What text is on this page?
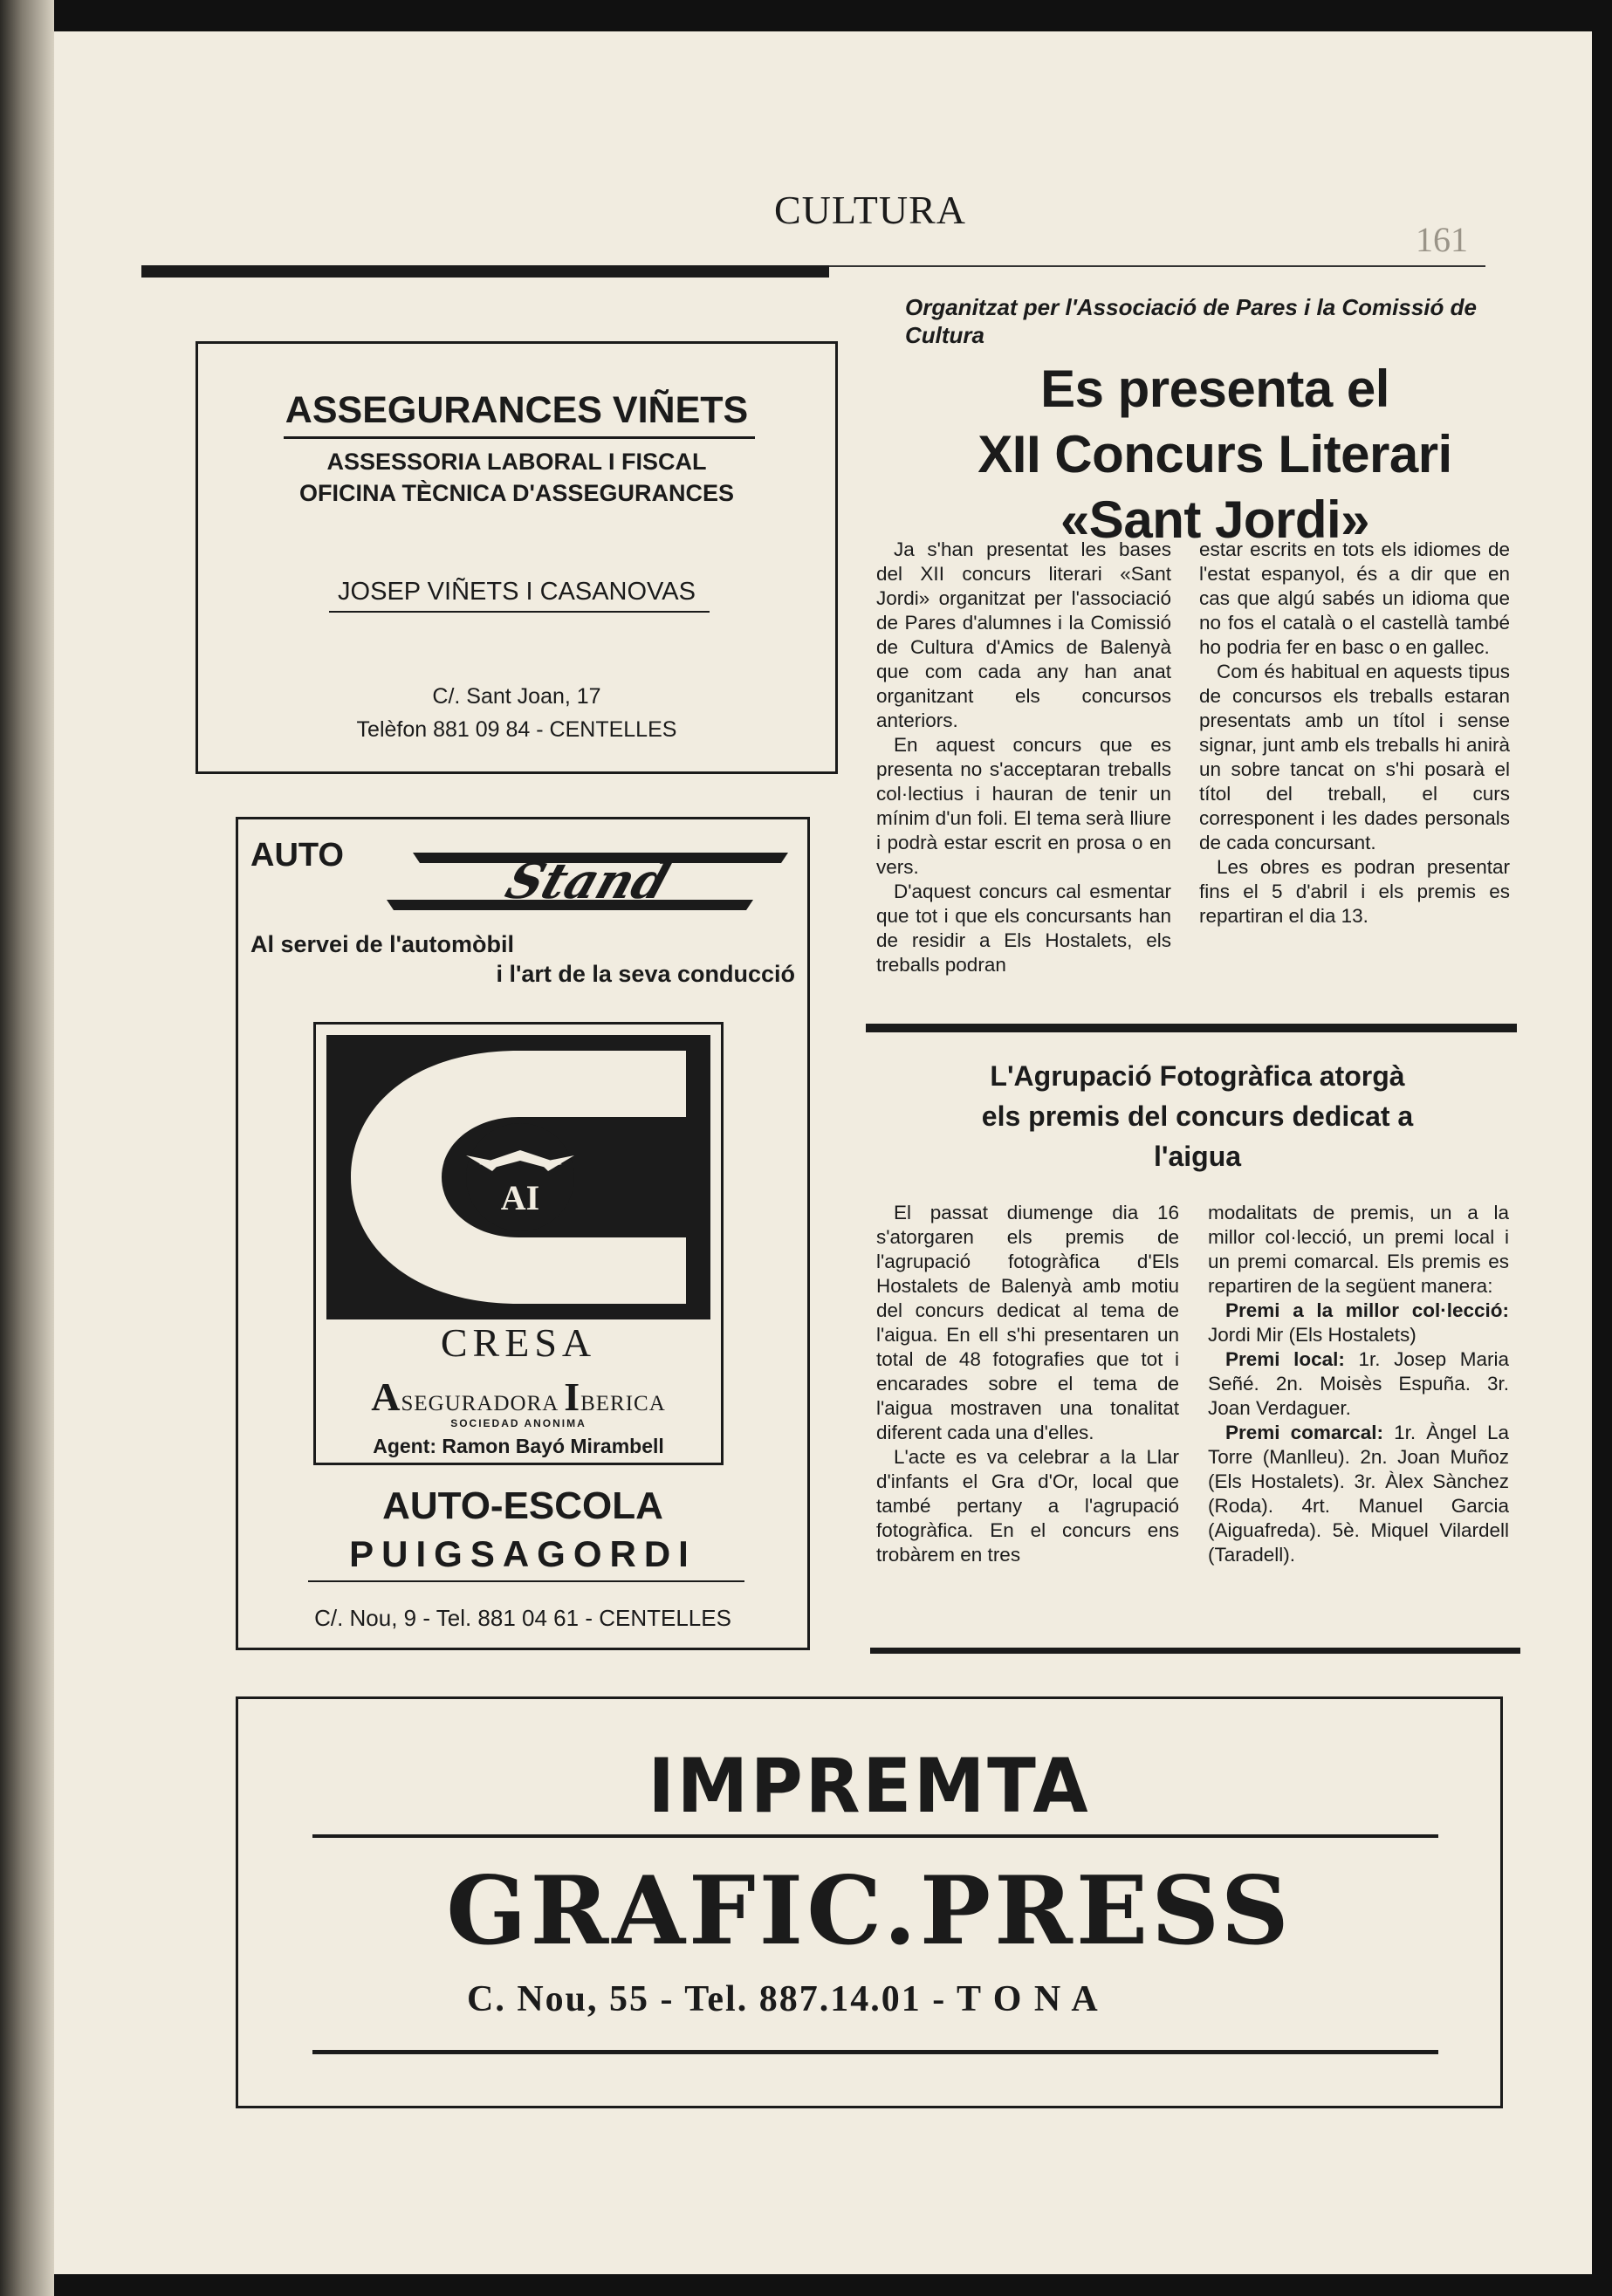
CULTURA
161
ASSEGURANCES VIÑETS
ASSESSORIA LABORAL I FISCAL
OFICINA TÈCNICA D'ASSEGURANCES
JOSEP VIÑETS I CASANOVAS
C/. Sant Joan, 17
Telèfon 881 09 84 - CENTELLES
AUTO	Stand
Al servei de l'automòbil
i l'art de la seva conducció
AI
CRESA
ASEGURADORA IBERICA
SOCIEDAD ANONIMA
Agent: Ramon Bayó Mirambell
AUTO-ESCOLA
PUIGSAGORDI
C/. Nou, 9 - Tel. 881 04 61 - CENTELLES
Organitzat per l'Associació de Pares i la Comissió de Cultura
Es presenta el
XII Concurs Literari
«Sant Jordi»

Ja s'han presentat les bases del XII concurs literari «Sant Jordi» organitzat per l'associació de Pares d'alumnes i la Comissió de Cultura d'Amics de Balenyà que com cada any han anat organitzant els concursos anteriors.

En aquest concurs que es presenta no s'acceptaran treballs col·lectius i hauran de tenir un mínim d'un foli. El tema serà lliure i podrà estar escrit en prosa o en vers.

D'aquest concurs cal esmentar que tot i que els concursants han de residir a Els Hostalets, els treballs podran

estar escrits en tots els idiomes de l'estat espanyol, és a dir que en cas que algú sabés un idioma que no fos el català o el castellà també ho podria fer en basc o en gallec.

Com és habitual en aquests tipus de concursos els treballs estaran presentats amb un títol i sense signar, junt amb els treballs hi anirà un sobre tancat on s'hi posarà el títol del treball, el curs corresponent i les dades personals de cada concursant.

Les obres es podran presentar fins el 5 d'abril i els premis es repartiran el dia 13.

L'Agrupació Fotogràfica atorgà
els premis del concurs dedicat a
l'aigua

El passat diumenge dia 16 s'atorgaren els premis de l'agrupació fotogràfica d'Els Hostalets de Balenyà amb motiu del concurs dedicat al tema de l'aigua. En ell s'hi presentaren un total de 48 fotografies que tot i encarades sobre el tema de l'aigua mostraven una tonalitat diferent cada una d'elles.

L'acte es va celebrar a la Llar d'infants el Gra d'Or, local que també pertany a l'agrupació fotogràfica. En el concurs ens trobàrem en tres

modalitats de premis, un a la millor col·lecció, un premi local i un premi comarcal. Els premis es repartiren de la següent manera:

Premi a la millor col·lecció: Jordi Mir (Els Hostalets)

Premi local: 1r. Josep Maria Señé. 2n. Moisès Espuña. 3r. Joan Verdaguer.

Premi comarcal: 1r. Àngel La Torre (Manlleu). 2n. Joan Muñoz (Els Hostalets). 3r. Àlex Sànchez (Roda). 4rt. Manuel Garcia (Aiguafreda). 5è. Miquel Vilardell (Taradell).

IMPREMTA
GRAFIC.PRESS
C. Nou, 55 - Tel. 887.14.01 - T O N A
